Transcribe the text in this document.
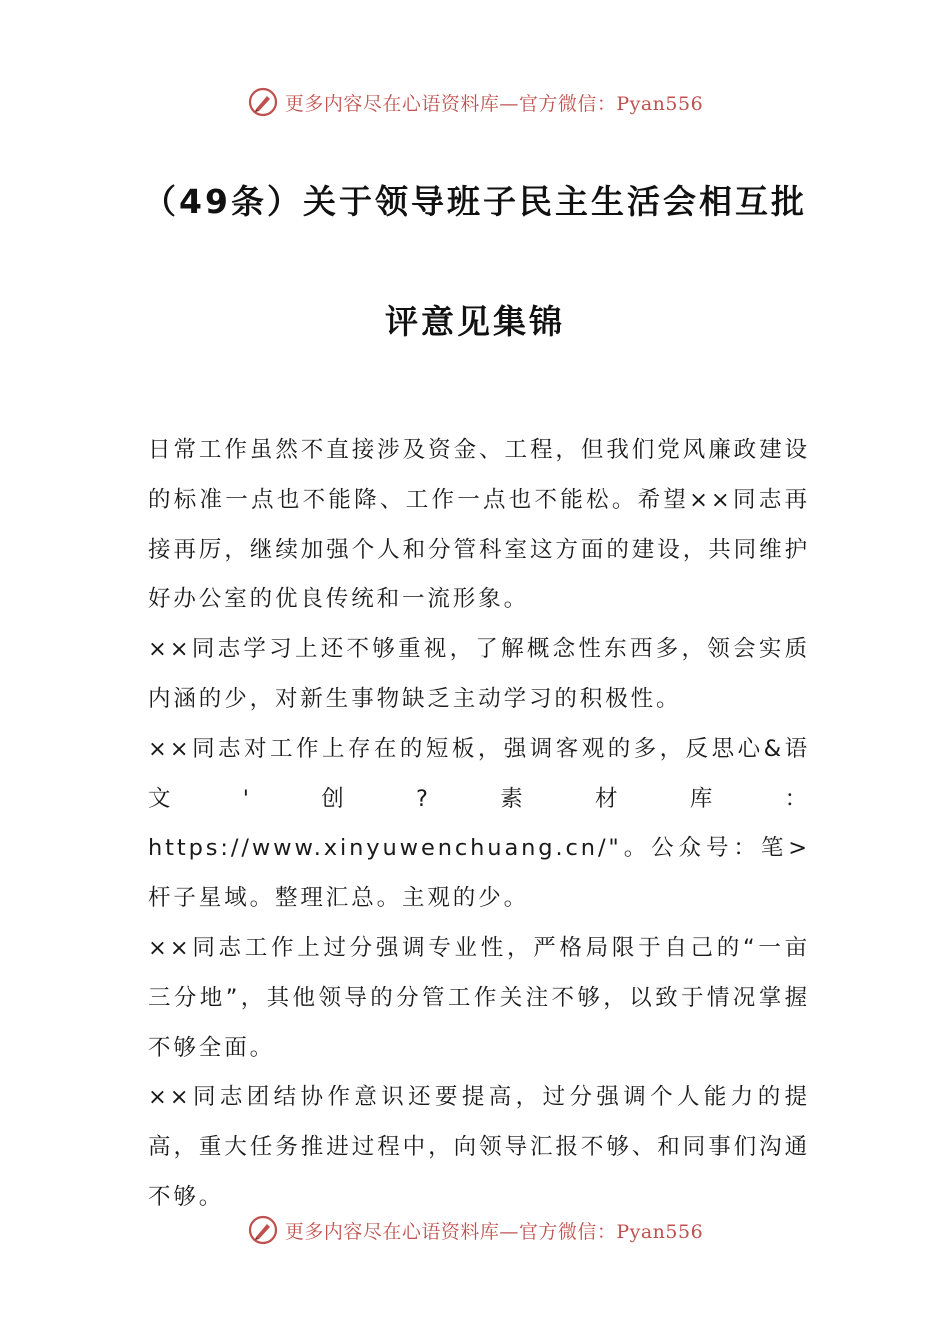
更多内容尽在心语资料库—官方微信：Pyan556
（49条）关于领导班子民主生活会相互批
评意见集锦

日常工作虽然不直接涉及资金、工程，但我们党风廉政建设的标准一点也不能降、工作一点也不能松。希望××同志再接再厉，继续加强个人和分管科室这方面的建设，共同维护好办公室的优良传统和一流形象。

××同志学习上还不够重视，了解概念性东西多，领会实质内涵的少，对新生事物缺乏主动学习的积极性。

××同志对工作上存在的短板，强调客观的多，反思心&语文'创?素材库：https://www.xinyuwenchuang.cn/"。公众号：笔>杆子星域。整理汇总。主观的少。

××同志工作上过分强调专业性，严格局限于自己的“一亩三分地”，其他领导的分管工作关注不够，以致于情况掌握不够全面。

××同志团结协作意识还要提高，过分强调个人能力的提高，重大任务推进过程中，向领导汇报不够、和同事们沟通不够。

更多内容尽在心语资料库—官方微信：Pyan556
